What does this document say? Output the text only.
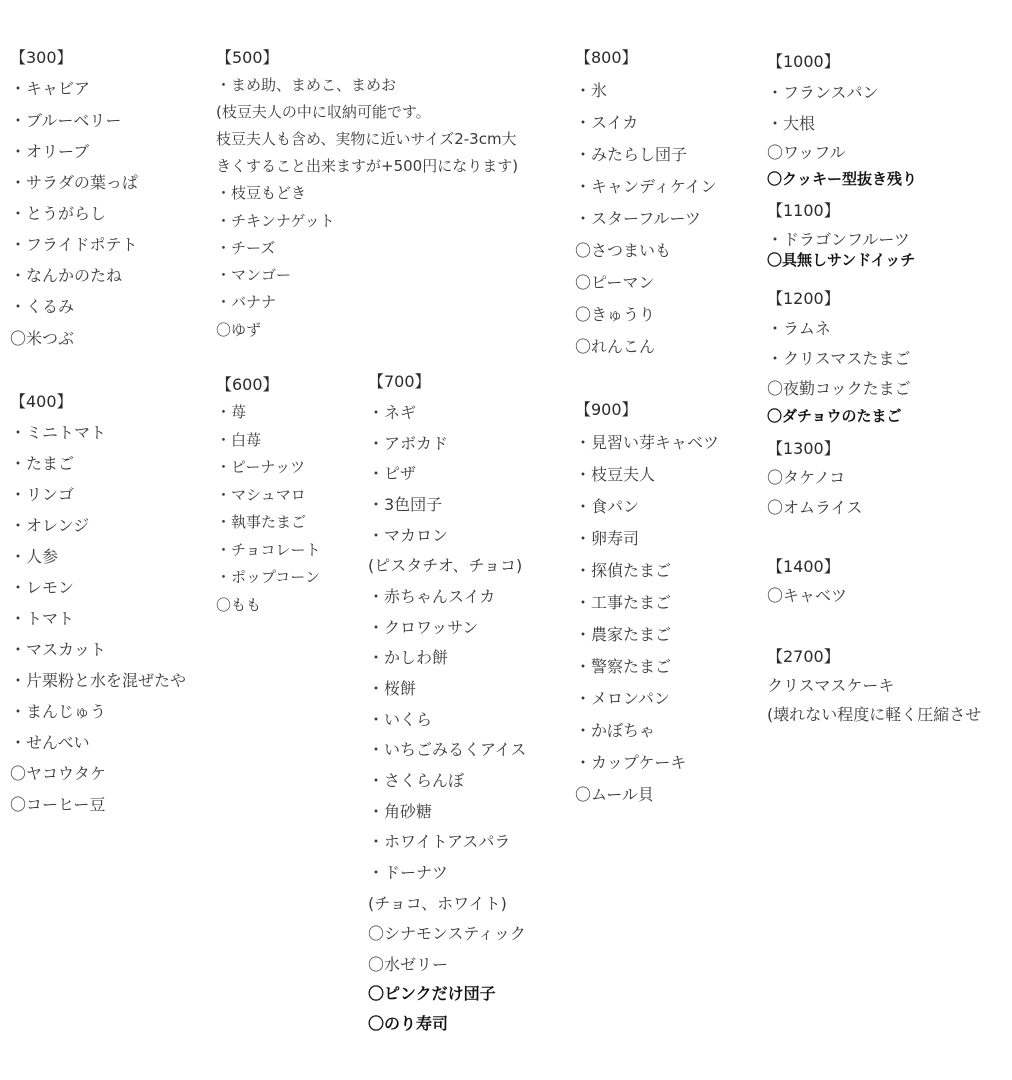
【300】
・キャビア
・ブルーベリー
・オリーブ
・サラダの葉っぱ
・とうがらし
・フライドポテト
・なんかのたね
・くるみ
〇米つぶ
【400】
・ミニトマト
・たまご
・リンゴ
・オレンジ
・人参
・レモン
・トマト
・マスカット
・片栗粉と水を混ぜたや
・まんじゅう
・せんべい
〇ヤコウタケ
〇コーヒー豆
【500】
・まめ助、まめこ、まめお
(枝豆夫人の中に収納可能です。
枝豆夫人も含め、実物に近いサイズ2-3cm大
きくすること出来ますが+500円になります)
・枝豆もどき
・チキンナゲット
・チーズ
・マンゴー
・バナナ
〇ゆず
【600】
・苺
・白苺
・ピーナッツ
・マシュマロ
・執事たまご
・チョコレート
・ポップコーン
〇もも
【700】
・ネギ
・アボカド
・ピザ
・3色団子
・マカロン
(ピスタチオ、チョコ)
・赤ちゃんスイカ
・クロワッサン
・かしわ餅
・桜餅
・いくら
・いちごみるくアイス
・さくらんぼ
・角砂糖
・ホワイトアスパラ
・ドーナツ
(チョコ、ホワイト)
〇シナモンスティック
〇水ゼリー
〇ピンクだけ団子
〇のり寿司
【800】
・氷
・スイカ
・みたらし団子
・キャンディケイン
・スターフルーツ
〇さつまいも
〇ピーマン
〇きゅうり
〇れんこん
【900】
・見習い芽キャベツ
・枝豆夫人
・食パン
・卵寿司
・探偵たまご
・工事たまご
・農家たまご
・警察たまご
・メロンパン
・かぼちゃ
・カップケーキ
〇ムール貝
【1000】
・フランスパン
・大根
〇ワッフル
〇クッキー型抜き残り
【1100】
・ドラゴンフルーツ
〇具無しサンドイッチ
【1200】
・ラムネ
・クリスマスたまご
〇夜勤コックたまご
〇ダチョウのたまご
【1300】
〇タケノコ
〇オムライス
【1400】
〇キャベツ
【2700】
クリスマスケーキ
(壊れない程度に軽く圧縮させ
